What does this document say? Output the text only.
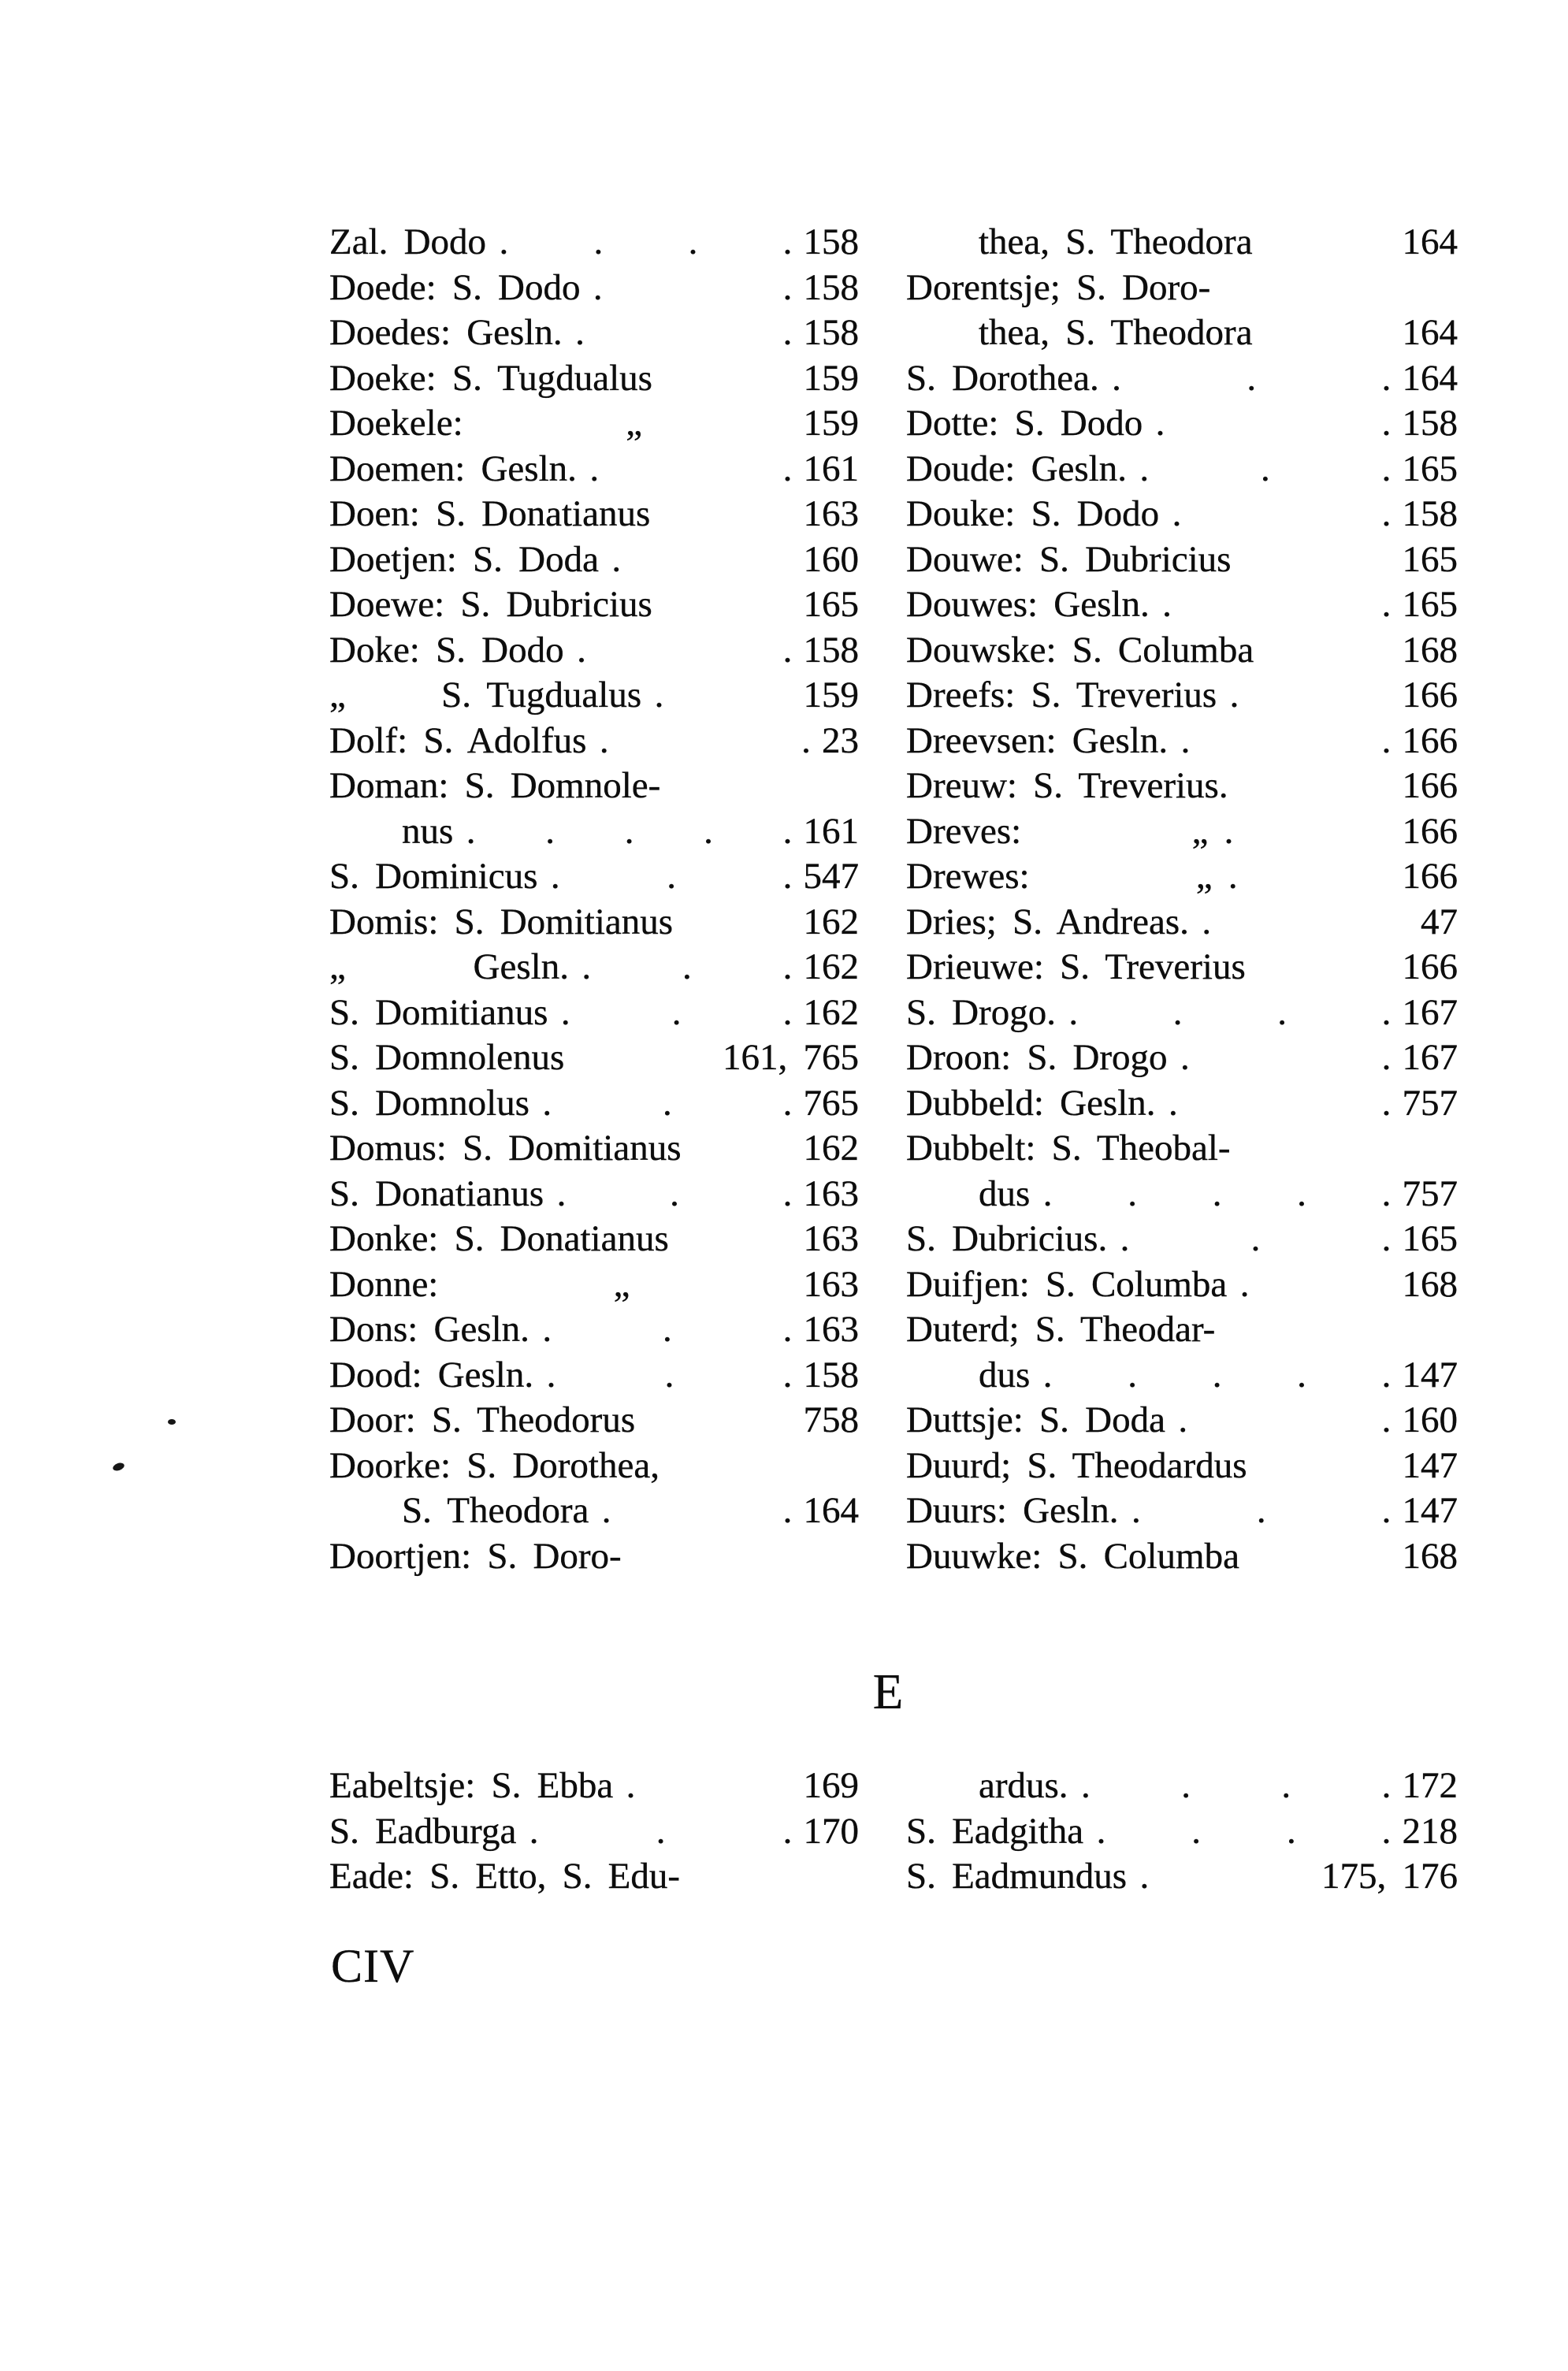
Zal. Dodo . . . . 158
Doede: S. Dodo . . 158
Doedes: Gesln. . . 158
Doeke: S. Tugdualus	159
Doekele:	„	159
Doemen: Gesln. . . 161
Doen: S. Donatianus	163
Doetjen: S. Doda .	160
Doewe: S. Dubricius	165
Doke: S. Dodo . . 158
„      S. Tugdualus .	159
Dolf: S. Adolfus . . 23
Doman: S. Domnole-
nus . . . . . 161
S. Dominicus . . . 547
Domis: S. Domitianus	162
„        Gesln. . . . 162
S. Domitianus . . . 162
S. Domnolenus	161, 765
S. Domnolus . . . 765
Domus: S. Domitianus	162
S. Donatianus . . . 163
Donke: S. Donatianus	163
Donne:	„	163
Dons: Gesln. . . . 163
Dood: Gesln. . . . 158
Door: S. Theodorus	758
Doorke: S. Dorothea,
S. Theodora . . 164
Doortjen: S. Doro-
thea, S. Theodora	164
Dorentsje; S. Doro-
thea, S. Theodora	164
S. Dorothea. . . . 164
Dotte: S. Dodo . . 158
Doude: Gesln. . . . 165
Douke: S. Dodo . . 158
Douwe: S. Dubricius	165
Douwes: Gesln. . . 165
Douwske: S. Columba	168
Dreefs: S. Treverius .	166
Dreevsen: Gesln. . . 166
Dreuw: S. Treverius.	166
Dreves:	„ .	166
Drewes:	„ .	166
Dries; S. Andreas. .	47
Drieuwe: S. Treverius	166
S. Drogo. . . . . 167
Droon: S. Drogo . . 167
Dubbeld: Gesln. . . 757
Dubbelt: S. Theobal-
dus . . . . . 757
S. Dubricius. . . . 165
Duifjen: S. Columba .	168
Duterd; S. Theodar-
dus . . . . . 147
Duttsje: S. Doda . . 160
Duurd; S. Theodardus	147
Duurs: Gesln. . . . 147
Duuwke: S. Columba	168
E
Eabeltsje: S. Ebba .	169
S. Eadburga . . . 170
Eade: S. Etto, S. Edu-
ardus. . . . . 172
S. Eadgitha . . . . 218
S. Eadmundus .	175, 176
CIV
